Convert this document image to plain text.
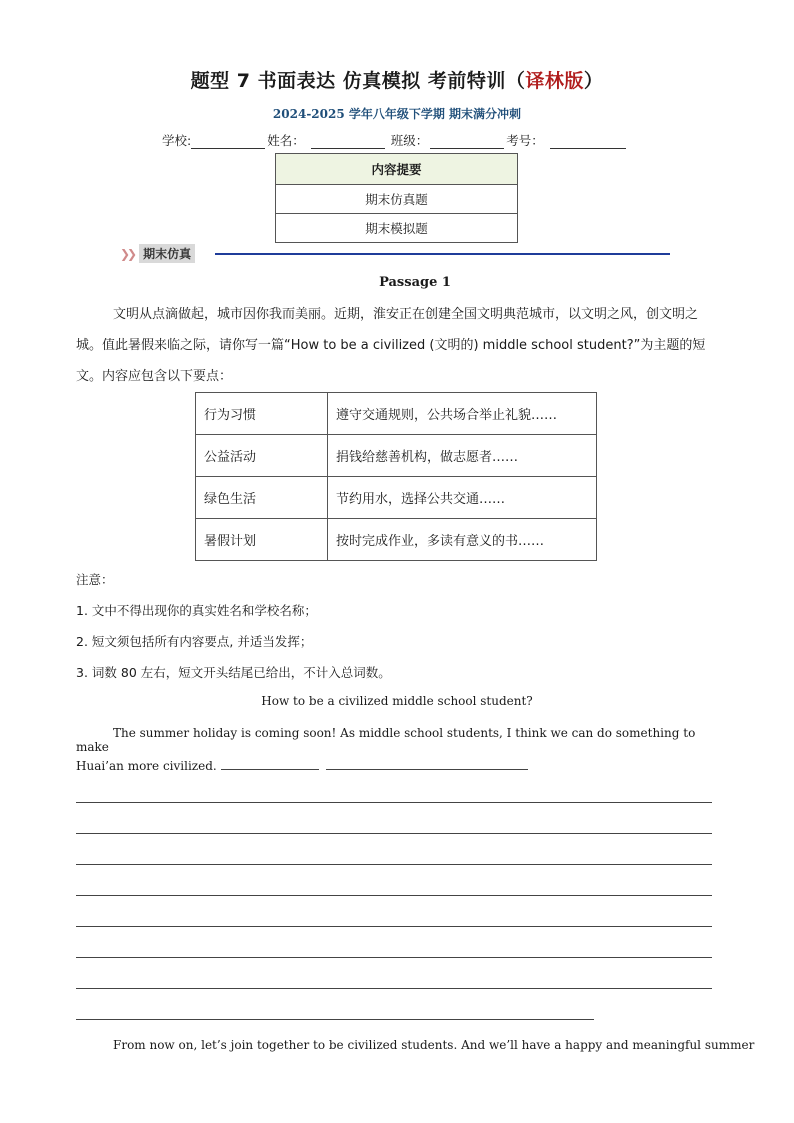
题型 7 书面表达 仿真模拟 考前特训（译林版）
2024-2025 学年八年级下学期 期末满分冲刺
学校:	姓名：	班级：	考号：
内容提要
期末仿真题
期末模拟题
❯❯ 期末仿真
Passage 1
文明从点滴做起，城市因你我而美丽。近期，淮安正在创建全国文明典范城市，以文明之风，创文明之城。值此暑假来临之际，请你写一篇“How to be a civilized (文明的) middle school student?”为主题的短文。内容应包含以下要点：
行为习惯	遵守交通规则，公共场合举止礼貌……
公益活动	捐钱给慈善机构，做志愿者……
绿色生活	节约用水，选择公共交通……
暑假计划	按时完成作业，多读有意义的书……
注意：
1. 文中不得出现你的真实姓名和学校名称；
2. 短文须包括所有内容要点, 并适当发挥；
3. 词数 80 左右，短文开头结尾已给出，不计入总词数。
How to be a civilized middle school student?
The summer holiday is coming soon! As middle school students, I think we can do something to make
Huai’an more civilized.
From now on, let’s join together to be civilized students. And we’ll have a happy and meaningful summer
